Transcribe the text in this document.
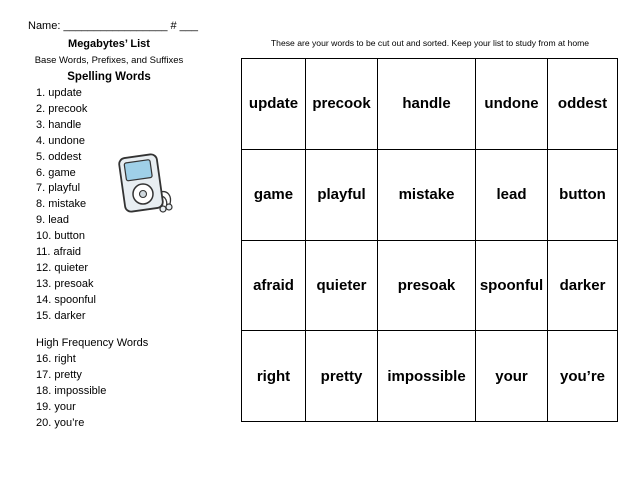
Name: _________________ # ___
Megabytes’ List
Base Words, Prefixes, and Suffixes
Spelling Words
1. update
2. precook
3. handle
4. undone
5. oddest
6. game
7. playful
8. mistake
9. lead
10. button
11. afraid
12. quieter
13. presoak
14. spoonful
15. darker
High Frequency Words
16. right
17. pretty
18. impossible
19. your
20. you’re
These are your words to be cut out and sorted. Keep your list to study from at home
update	precook	handle	undone	oddest
game	playful	mistake	lead	button
afraid	quieter	presoak	spoonful	darker
right	pretty	impossible	your	you’re
